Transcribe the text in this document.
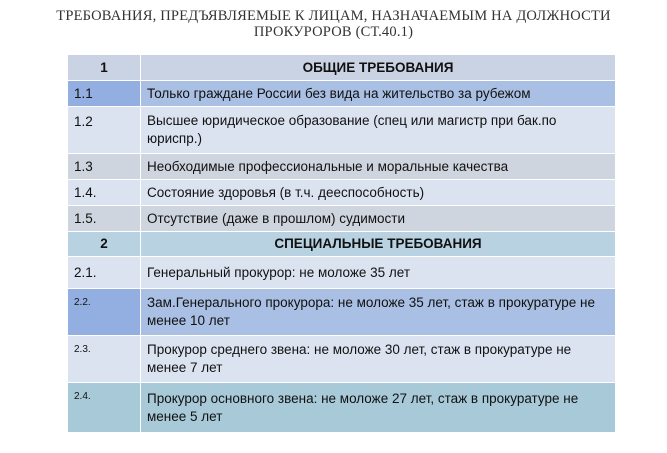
ТРЕБОВАНИЯ, ПРЕДЪЯВЛЯЕМЫЕ К ЛИЦАМ, НАЗНАЧАЕМЫМ НА ДОЛЖНОСТИ
ПРОКУРОРОВ (СТ.40.1)
1	ОБЩИЕ ТРЕБОВАНИЯ
1.1	Только граждане России без вида на жительство за рубежом
1.2	Высшее юридическое образование (спец или магистр при бак.по юриспр.)
1.3	Необходимые профессиональные и моральные качества
1.4.	Состояние здоровья (в т.ч. дееспособность)
1.5.	Отсутствие (даже в прошлом) судимости
2	СПЕЦИАЛЬНЫЕ ТРЕБОВАНИЯ
2.1.	Генеральный прокурор: не моложе 35 лет
2.2.	Зам.Генерального прокурора: не моложе 35 лет, стаж в прокуратуре не менее 10 лет
2.3.	Прокурор среднего звена: не моложе 30 лет, стаж в прокуратуре не менее 7 лет
2.4.	Прокурор основного звена: не моложе 27 лет, стаж в прокуратуре не менее 5 лет
